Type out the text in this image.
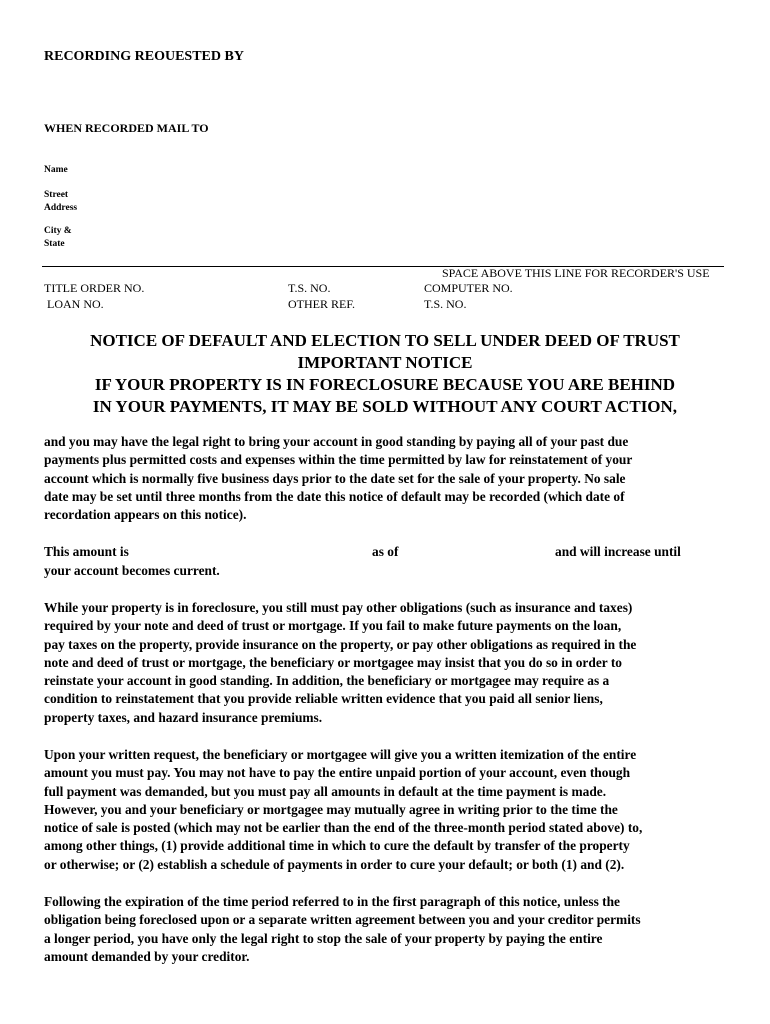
RECORDING REOUESTED BY
WHEN RECORDED MAIL TO
Name
Street
Address
City &
State
SPACE ABOVE THIS LINE FOR RECORDER'S USE
TITLE ORDER NO.
LOAN NO.
T.S. NO.
OTHER REF.
COMPUTER NO.
T.S. NO.
NOTICE OF DEFAULT AND ELECTION TO SELL UNDER DEED OF TRUST
IMPORTANT NOTICE
IF YOUR PROPERTY IS IN FORECLOSURE BECAUSE YOU ARE BEHIND
IN YOUR PAYMENTS, IT MAY BE SOLD WITHOUT ANY COURT ACTION,
and you may have the legal right to bring your account in good standing by paying all of your past due
payments plus permitted costs and expenses within the time permitted by law for reinstatement of your
account which is normally five business days prior to the date set for the sale of your property. No sale
date may be set until three months from the date this notice of default may be recorded (which date of
recordation appears on this notice).
This amount is	as of	and will increase until
your account becomes current.
While your property is in foreclosure, you still must pay other obligations (such as insurance and taxes)
required by your note and deed of trust or mortgage. If you fail to make future payments on the loan,
pay taxes on the property, provide insurance on the property, or pay other obligations as required in the
note and deed of trust or mortgage, the beneficiary or mortgagee may insist that you do so in order to
reinstate your account in good standing. In addition, the beneficiary or mortgagee may require as a
condition to reinstatement that you provide reliable written evidence that you paid all senior liens,
property taxes, and hazard insurance premiums.
Upon your written request, the beneficiary or mortgagee will give you a written itemization of the entire
amount you must pay. You may not have to pay the entire unpaid portion of your account, even though
full payment was demanded, but you must pay all amounts in default at the time payment is made.
However, you and your beneficiary or mortgagee may mutually agree in writing prior to the time the
notice of sale is posted (which may not be earlier than the end of the three-month period stated above) to,
among other things, (1) provide additional time in which to cure the default by transfer of the property
or otherwise; or (2) establish a schedule of payments in order to cure your default; or both (1) and (2).
Following the expiration of the time period referred to in the first paragraph of this notice, unless the
obligation being foreclosed upon or a separate written agreement between you and your creditor permits
a longer period, you have only the legal right to stop the sale of your property by paying the entire
amount demanded by your creditor.
